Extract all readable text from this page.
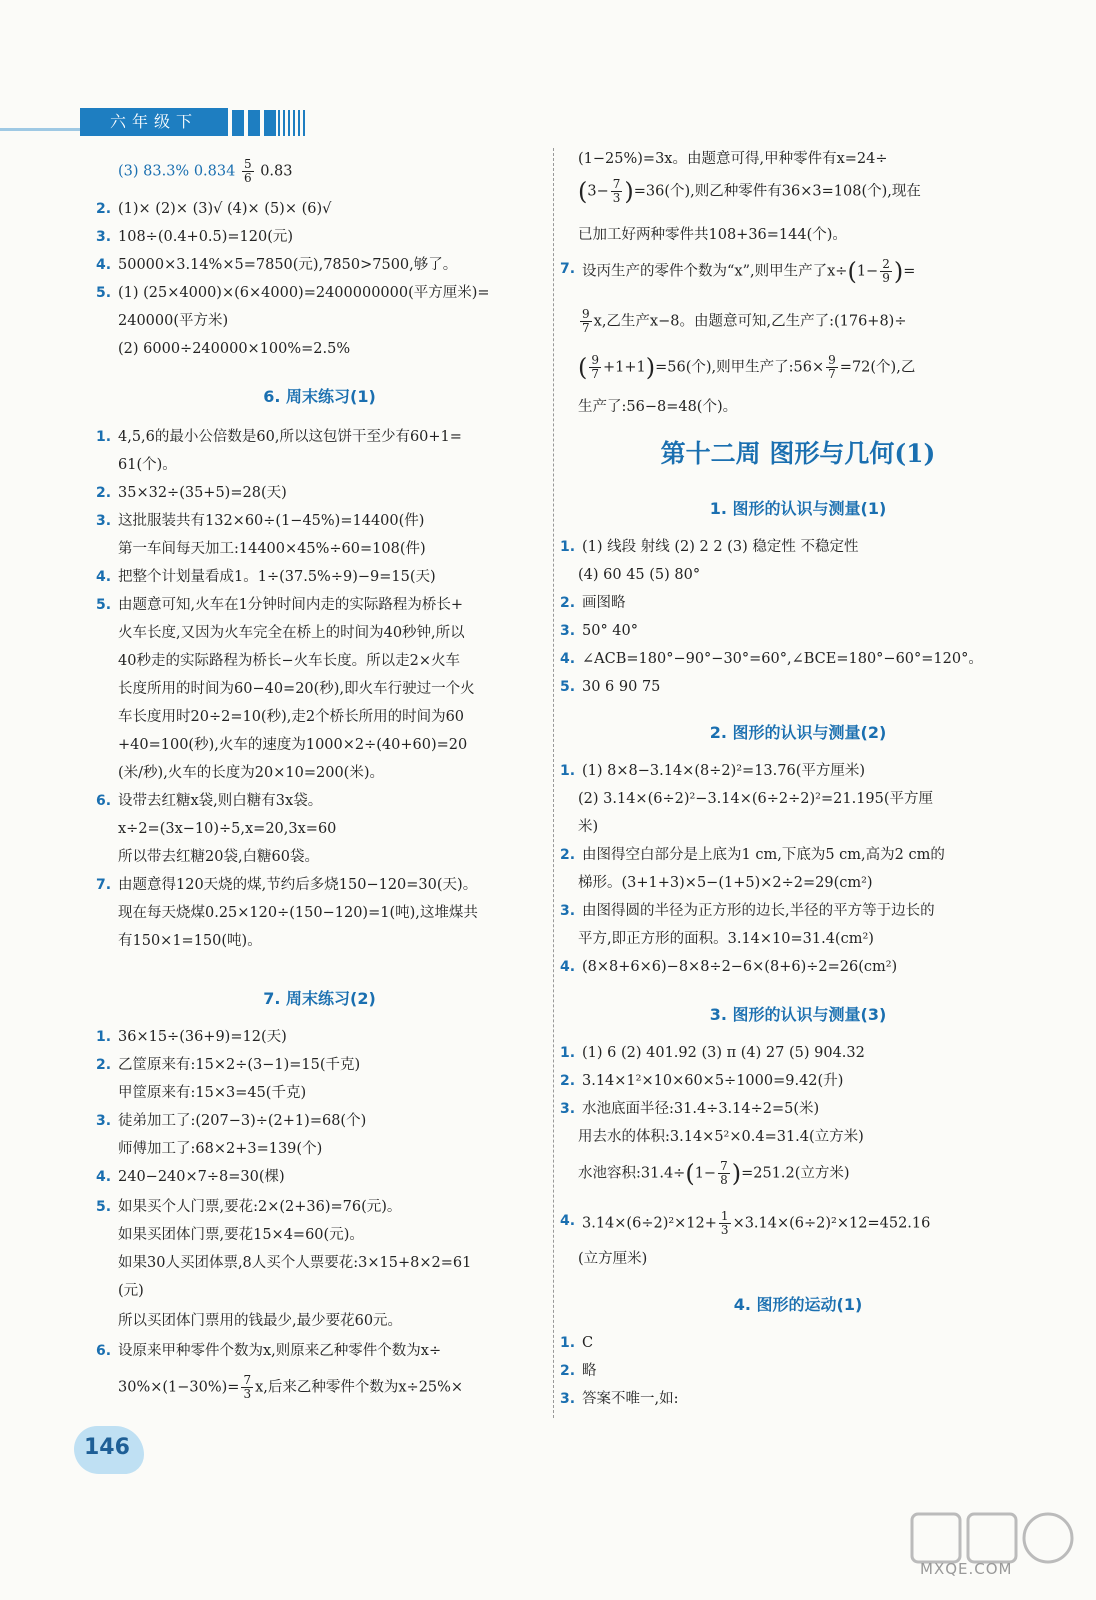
六年级下
(3) 83.3% $0.834 \frac{5}{6} 0.83$
2. (1)× (2)× (3)√ (4)× (5)× (6)√
3. 108÷(0.4+0.5)=120(元)
4. 50000×3.14%×5=7850(元),7850>7500,够了。
5. (1) (25×4000)×(6×4000)=2400000000(平方厘米)=
240000(平方米)
(2) 6000÷240000×100%=2.5%
6. 周末练习(1)
1. 4,5,6的最小公倍数是60,所以这包饼干至少有60+1=
61(个)。
2. 35×32÷(35+5)=28(天)
3. 这批服装共有132×60÷(1−45%)=14400(件)
第一车间每天加工:14400×45%÷60=108(件)
4. 把整个计划量看成1。1÷(37.5%÷9)−9=15(天)
5. 由题意可知,火车在1分钟时间内走的实际路程为桥长+
火车长度,又因为火车完全在桥上的时间为40秒钟,所以
40秒走的实际路程为桥长−火车长度。所以走2×火车
长度所用的时间为60−40=20(秒),即火车行驶过一个火
车长度用时20÷2=10(秒),走2个桥长所用的时间为60
+40=100(秒),火车的速度为1000×2÷(40+60)=20
(米/秒),火车的长度为20×10=200(米)。
6. 设带去红糖x袋,则白糖有3x袋。
x÷2=(3x−10)÷5,x=20,3x=60
所以带去红糖20袋,白糖60袋。
7. 由题意得120天烧的煤,节约后多烧150−120=30(天)。
现在每天烧煤0.25×120÷(150−120)=1(吨),这堆煤共
有150×1=150(吨)。
7. 周末练习(2)
1. 36×15÷(36+9)=12(天)
2. 乙筐原来有:15×2÷(3−1)=15(千克)
甲筐原来有:15×3=45(千克)
3. 徒弟加工了:(207−3)÷(2+1)=68(个)
师傅加工了:68×2+3=139(个)
4. 240−240×7÷8=30(棵)
5. 如果买个人门票,要花:2×(2+36)=76(元)。
如果买团体门票,要花15×4=60(元)。
如果30人买团体票,8人买个人票要花:3×15+8×2=61
(元)
所以买团体门票用的钱最少,最少要花60元。
6. 设原来甲种零件个数为x,则原来乙种零件个数为x÷
$30\%\times(1-30\%)= \frac{7}{3} x$,后来乙种零件个数为x÷25%×
(1−25%)=3x。由题意可得,甲种零件有x=24÷
$(3- \frac{7}{3} )=36$(个),则乙种零件有36×3=108(个),现在
已加工好两种零件共108+36=144(个)。
7. 设丙生产的零件个数为“x”,则甲生产了$x\div(1- \frac{2}{9}$ )=
$\frac{9}{7} x$,乙生产x−8。由题意可知,乙生产了:(176+8)÷
( $\frac{9}{7} +1+1)=56$(个),则甲生产了:56× $\frac{9}{7} =72$(个),乙
生产了:56−8=48(个)。
第十二周 图形与几何(1)
1. 图形的认识与测量(1)
1. (1) 线段 射线 (2) 2 2 (3) 稳定性 不稳定性
(4) 60 45 (5) 80°
2. 画图略
3. 50° 40°
4. ∠ACB=180°−90°−30°=60°,∠BCE=180°−60°=120°。
5. 30 6 90 75
2. 图形的认识与测量(2)
1. (1) 8×8−3.14×(8÷2)²=13.76(平方厘米)
(2) 3.14×(6÷2)²−3.14×(6÷2÷2)²=21.195(平方厘
米)
2. 由图得空白部分是上底为1 cm,下底为5 cm,高为2 cm的
梯形。(3+1+3)×5−(1+5)×2÷2=29(cm²)
3. 由图得圆的半径为正方形的边长,半径的平方等于边长的
平方,即正方形的面积。3.14×10=31.4(cm²)
4. (8×8+6×6)−8×8÷2−6×(8+6)÷2=26(cm²)
3. 图形的认识与测量(3)
1. (1) 6 (2) 401.92 (3) π (4) 27 (5) 904.32
2. 3.14×1²×10×60×5÷1000=9.42(升)
3. 水池底面半径:31.4÷3.14÷2=5(米)
用去水的体积:3.14×5²×0.4=31.4(立方米)
水池容积:31.4÷(1− $\frac{7}{8} )=251.2$(立方米)
4. $3.14\times(6\div 2)^2\times 12+ \frac{1}{3} \times 3.14\times(6\div 2)^2\times 12=452.16$
(立方厘米)
4. 图形的运动(1)
1. C
2. 略
3. 答案不唯一,如:
146
MXQE.COM
